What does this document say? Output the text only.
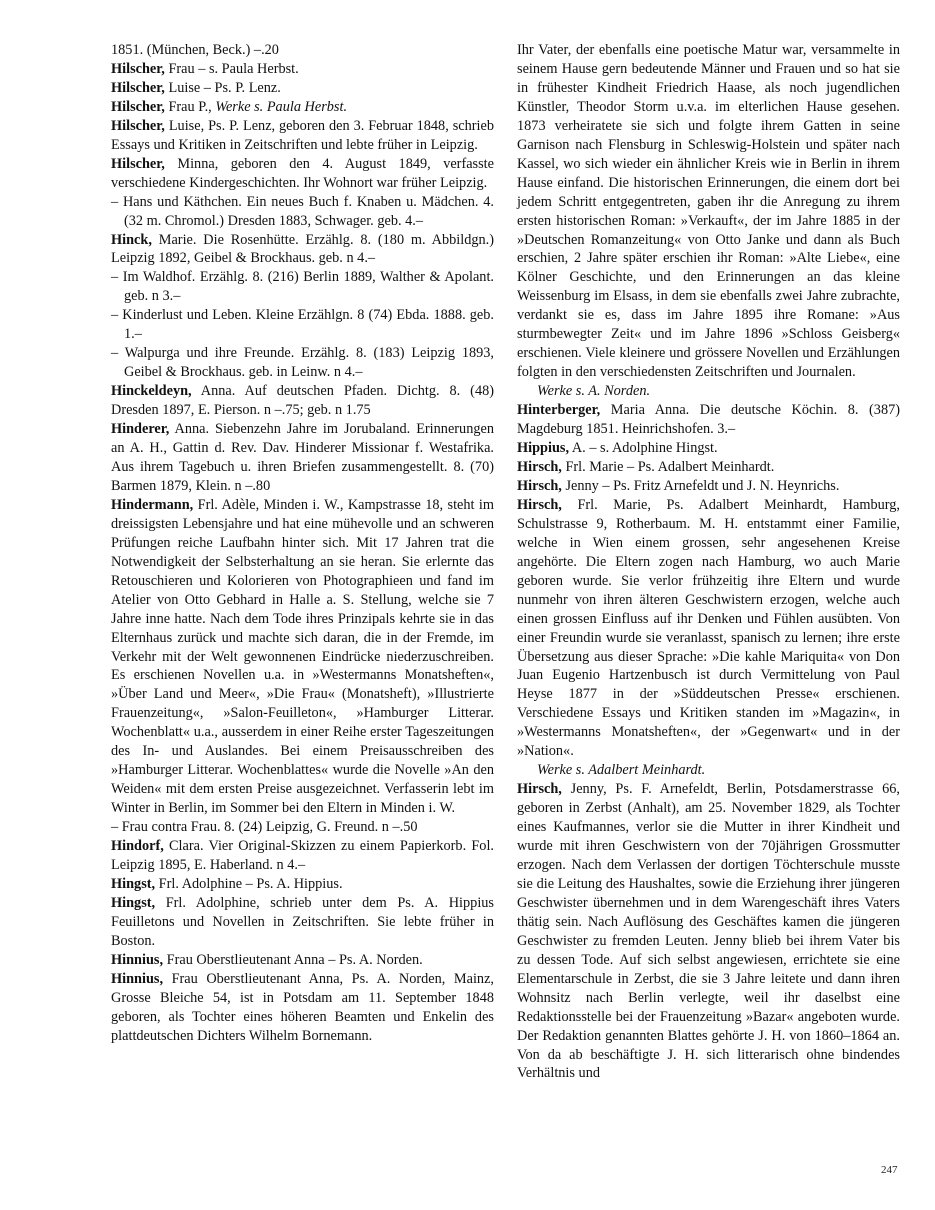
1851. (München, Beck.) –.20

Hilscher, Frau – s. Paula Herbst.

Hilscher, Luise – Ps. P. Lenz.

Hilscher, Frau P., Werke s. Paula Herbst.

Hilscher, Luise, Ps. P. Lenz, geboren den 3. Februar 1848, schrieb Essays und Kritiken in Zeitschriften und lebte früher in Leipzig.

Hilscher, Minna, geboren den 4. August 1849, verfasste verschiedene Kindergeschichten. Ihr Wohnort war früher Leipzig.

– Hans und Käthchen. Ein neues Buch f. Knaben u. Mädchen. 4. (32 m. Chromol.) Dresden 1883, Schwager. geb. 4.–

Hinck, Marie. Die Rosenhütte. Erzählg. 8. (180 m. Abbildgn.) Leipzig 1892, Geibel & Brockhaus. geb. n 4.–

– Im Waldhof. Erzählg. 8. (216) Berlin 1889, Walther & Apolant. geb. n 3.–

– Kinderlust und Leben. Kleine Erzählgn. 8 (74) Ebda. 1888. geb. 1.–

– Walpurga und ihre Freunde. Erzählg. 8. (183) Leipzig 1893, Geibel & Brockhaus. geb. in Leinw. n 4.–

Hinckeldeyn, Anna. Auf deutschen Pfaden. Dichtg. 8. (48) Dresden 1897, E. Pierson. n –.75; geb. n 1.75

Hinderer, Anna. Siebenzehn Jahre im Jorubaland. Erinnerungen an A. H., Gattin d. Rev. Dav. Hinderer Missionar f. Westafrika. Aus ihrem Tagebuch u. ihren Briefen zusammengestellt. 8. (70) Barmen 1879, Klein. n –.80

Hindermann, Frl. Adèle, Minden i. W., Kampstrasse 18, steht im dreissigsten Lebensjahre und hat eine mühevolle und an schweren Prüfungen reiche Laufbahn hinter sich. Mit 17 Jahren trat die Notwendigkeit der Selbsterhaltung an sie heran. Sie erlernte das Retouschieren und Kolorieren von Photographieen und fand im Atelier von Otto Gebhard in Halle a. S. Stellung, welche sie 7 Jahre inne hatte. Nach dem Tode ihres Prinzipals kehrte sie in das Elternhaus zurück und machte sich daran, die in der Fremde, im Verkehr mit der Welt gewonnenen Eindrücke niederzuschreiben. Es erschienen Novellen u.a. in »Westermanns Monatsheften«, »Über Land und Meer«, »Die Frau« (Monatsheft), »Illustrierte Frauenzeitung«, »Salon-Feuilleton«, »Hamburger Litterar. Wochenblatt« u.a., ausserdem in einer Reihe erster Tageszeitungen des In- und Auslandes. Bei einem Preisausschreiben des »Hamburger Litterar. Wochenblattes« wurde die Novelle »An den Weiden« mit dem ersten Preise ausgezeichnet. Verfasserin lebt im Winter in Berlin, im Sommer bei den Eltern in Minden i. W.

– Frau contra Frau. 8. (24) Leipzig, G. Freund. n –.50

Hindorf, Clara. Vier Original-Skizzen zu einem Papierkorb. Fol. Leipzig 1895, E. Haberland. n 4.–

Hingst, Frl. Adolphine – Ps. A. Hippius.

Hingst, Frl. Adolphine, schrieb unter dem Ps. A. Hippius Feuilletons und Novellen in Zeitschriften. Sie lebte früher in Boston.

Hinnius, Frau Oberstlieutenant Anna – Ps. A. Norden.

Hinnius, Frau Oberstlieutenant Anna, Ps. A. Norden, Mainz, Grosse Bleiche 54, ist in Potsdam am 11. September 1848 geboren, als Tochter eines höheren Beamten und Enkelin des plattdeutschen Dichters Wilhelm Bornemann.

Ihr Vater, der ebenfalls eine poetische Matur war, versammelte in seinem Hause gern bedeutende Männer und Frauen und so hat sie in frühester Kindheit Friedrich Haase, als noch jugendlichen Künstler, Theodor Storm u.v.a. im elterlichen Hause gesehen. 1873 verheiratete sie sich und folgte ihrem Gatten in seine Garnison nach Flensburg in Schleswig-Holstein und später nach Kassel, wo sich wieder ein ähnlicher Kreis wie in Berlin in ihrem Hause einfand. Die historischen Erinnerungen, die einem dort bei jedem Schritt entgegentreten, gaben ihr die Anregung zu ihrem ersten historischen Roman: »Verkauft«, der im Jahre 1885 in der »Deutschen Romanzeitung« von Otto Janke und dann als Buch erschien, 2 Jahre später erschien ihr Roman: »Alte Liebe«, eine Kölner Geschichte, und den Erinnerungen an das kleine Weissenburg im Elsass, in dem sie ebenfalls zwei Jahre zubrachte, verdankt sie es, dass im Jahre 1895 ihre Romane: »Aus sturmbewegter Zeit« und im Jahre 1896 »Schloss Geisberg« erschienen. Viele kleinere und grössere Novellen und Erzählungen folgten in den verschiedensten Zeitschriften und Journalen.

Werke s. A. Norden.

Hinterberger, Maria Anna. Die deutsche Köchin. 8. (387) Magdeburg 1851. Heinrichshofen. 3.–

Hippius, A. – s. Adolphine Hingst.

Hirsch, Frl. Marie – Ps. Adalbert Meinhardt.

Hirsch, Jenny – Ps. Fritz Arnefeldt und J. N. Heynrichs.

Hirsch, Frl. Marie, Ps. Adalbert Meinhardt, Hamburg, Schulstrasse 9, Rotherbaum. M. H. entstammt einer Familie, welche in Wien einem grossen, sehr angesehenen Kreise angehörte. Die Eltern zogen nach Hamburg, wo auch Marie geboren wurde. Sie verlor frühzeitig ihre Eltern und wurde nunmehr von ihren älteren Geschwistern erzogen, welche auch einen grossen Einfluss auf ihr Denken und Fühlen ausübten. Von einer Freundin wurde sie veranlasst, spanisch zu lernen; ihre erste Übersetzung aus dieser Sprache: »Die kahle Mariquita« von Don Juan Eugenio Hartzenbusch ist durch Vermittelung von Paul Heyse 1877 in der »Süddeutschen Presse« erschienen. Verschiedene Essays und Kritiken standen im »Magazin«, in »Westermanns Monatsheften«, der »Gegenwart« und in der »Nation«.

Werke s. Adalbert Meinhardt.

Hirsch, Jenny, Ps. F. Arnefeldt, Berlin, Potsdamerstrasse 66, geboren in Zerbst (Anhalt), am 25. November 1829, als Tochter eines Kaufmannes, verlor sie die Mutter in ihrer Kindheit und wurde mit ihren Geschwistern von der 70jährigen Grossmutter erzogen. Nach dem Verlassen der dortigen Töchterschule musste sie die Leitung des Haushaltes, sowie die Erziehung ihrer jüngeren Geschwister übernehmen und in dem Warengeschäft ihres Vaters thätig sein. Nach Auflösung des Geschäftes kamen die jüngeren Geschwister zu fremden Leuten. Jenny blieb bei ihrem Vater bis zu dessen Tode. Auf sich selbst angewiesen, errichtete sie eine Elementarschule in Zerbst, die sie 3 Jahre leitete und dann ihren Wohnsitz nach Berlin verlegte, weil ihr daselbst eine Redaktionsstelle bei der Frauenzeitung »Bazar« angeboten wurde. Der Redaktion genannten Blattes gehörte J. H. von 1860–1864 an. Von da ab beschäftigte J. H. sich litterarisch ohne bindendes Verhältnis und

247
